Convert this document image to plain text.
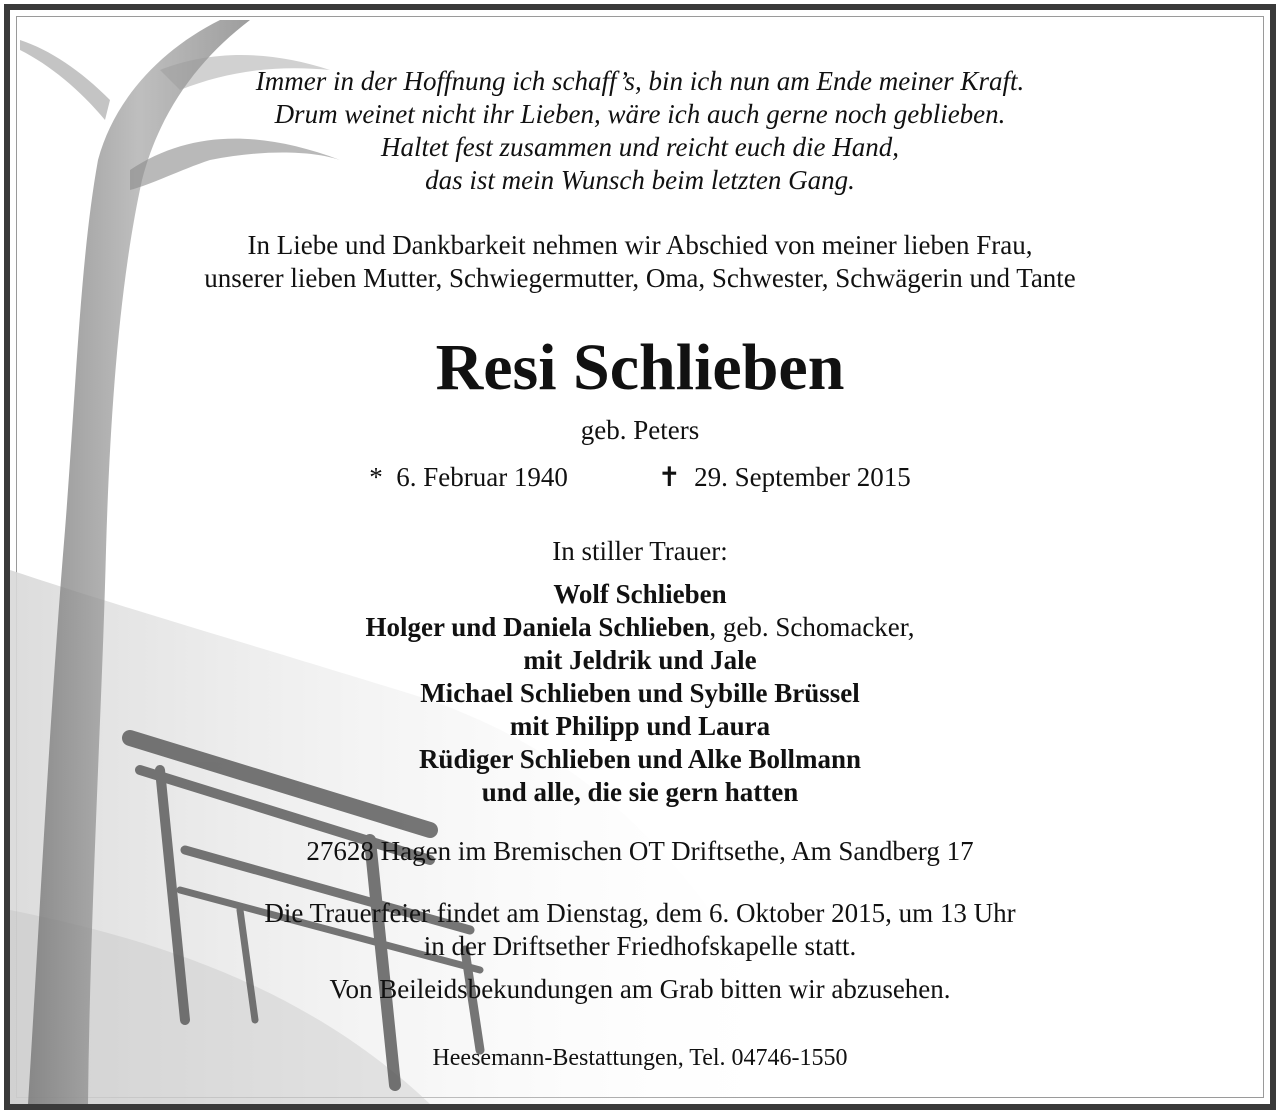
Immer in der Hoffnung ich schaff’s, bin ich nun am Ende meiner Kraft.
Drum weinet nicht ihr Lieben, wäre ich auch gerne noch geblieben.
Haltet fest zusammen und reicht euch die Hand,
das ist mein Wunsch beim letzten Gang.
In Liebe und Dankbarkeit nehmen wir Abschied von meiner lieben Frau,
unserer lieben Mutter, Schwiegermutter, Oma, Schwester, Schwägerin und Tante
Resi Schlieben
geb. Peters
* 6. Februar 1940	✝ 29. September 2015
In stiller Trauer:
Wolf Schlieben
Holger und Daniela Schlieben, geb. Schomacker,
mit Jeldrik und Jale
Michael Schlieben und Sybille Brüssel
mit Philipp und Laura
Rüdiger Schlieben und Alke Bollmann
und alle, die sie gern hatten
27628 Hagen im Bremischen OT Driftsethe, Am Sandberg 17
Die Trauerfeier findet am Dienstag, dem 6. Oktober 2015, um 13 Uhr
in der Driftsether Friedhofskapelle statt.
Von Beileidsbekundungen am Grab bitten wir abzusehen.
Heesemann-Bestattungen, Tel. 04746-1550
